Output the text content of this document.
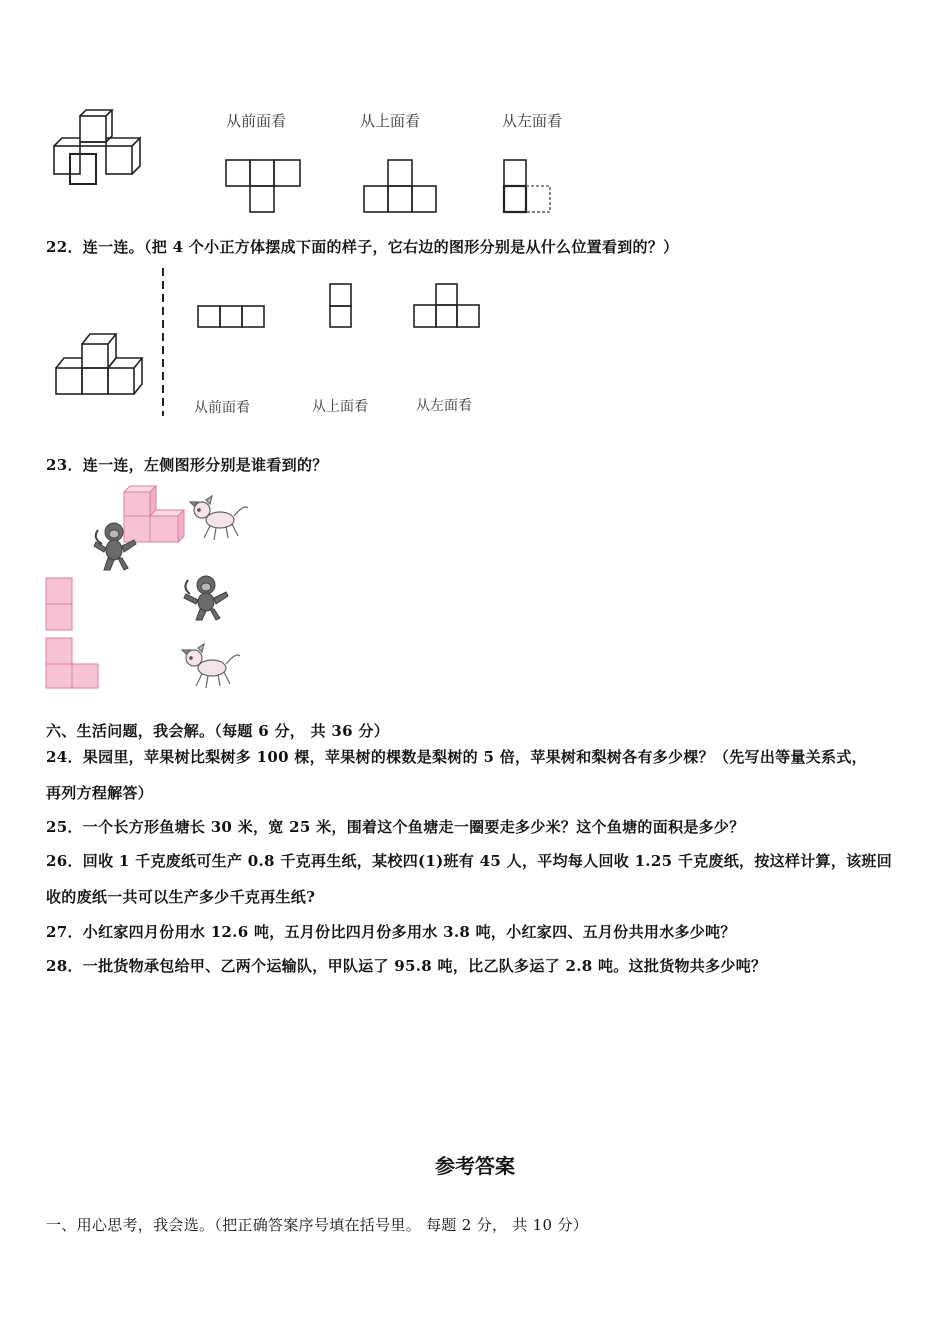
从前面看	从上面看	从左面看
22．连一连。（把 4 个小正方体摆成下面的样子，它右边的图形分别是从什么位置看到的？）
从前面看	从上面看	从左面看
23．连一连，左侧图形分别是谁看到的？
六、生活问题，我会解。（每题 6 分， 共 36 分）
24．果园里，苹果树比梨树多 100 棵，苹果树的棵数是梨树的 5 倍，苹果树和梨树各有多少棵？（先写出等量关系式，
再列方程解答）
25．一个长方形鱼塘长 30 米，宽 25 米，围着这个鱼塘走一圈要走多少米？这个鱼塘的面积是多少？
26．回收 1 千克废纸可生产 0.8 千克再生纸，某校四(1)班有 45 人，平均每人回收 1.25 千克废纸，按这样计算，该班回
收的废纸一共可以生产多少千克再生纸?
27．小红家四月份用水 12.6 吨，五月份比四月份多用水 3.8 吨，小红家四、五月份共用水多少吨？
28．一批货物承包给甲、乙两个运输队，甲队运了 95.8 吨，比乙队多运了 2.8 吨。这批货物共多少吨？
参考答案
一、用心思考，我会选。（把正确答案序号填在括号里。 每题 2 分， 共 10 分）
